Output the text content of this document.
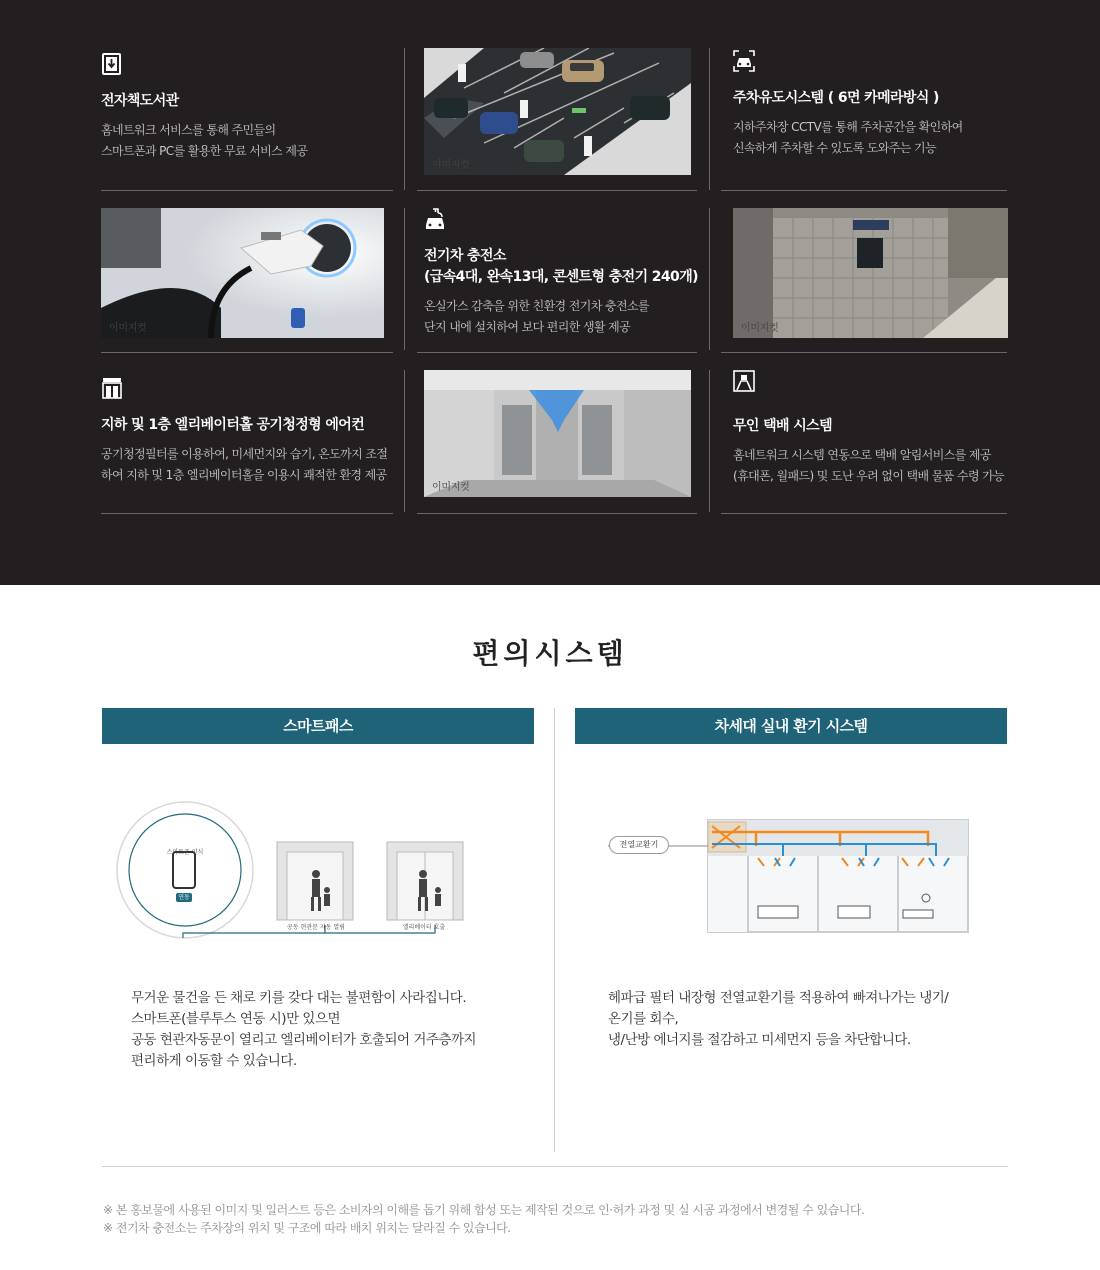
전자책도서관
홈네트워크 서비스를 통해 주민들의
스마트폰과 PC를 활용한 무료 서비스 제공
이미지컷
주차유도시스템 ( 6면 카메라방식 )
지하주차장 CCTV를 통해 주차공간을 확인하여
신속하게 주차할 수 있도록 도와주는 기능
이미지컷
전기차 충전소
(급속4대, 완속13대, 콘센트형 충전기 240개)
온실가스 감축을 위한 친환경 전기차 충전소를
단지 내에 설치하여 보다 편리한 생활 제공	이미지컷
지하 및 1층 엘리베이터홀 공기청정형 에어컨
공기청정필터를 이용하여, 미세먼지와 습기, 온도까지 조절
하여 지하 및 1층 엘리베이터홀을 이용시 쾌적한 환경 제공
이미지컷
무인 택배 시스템
홈네트워크 시스템 연동으로 택배 알림서비스를 제공
(휴대폰, 월패드) 및 도난 우려 없이 택배 물품 수령 가능
편의시스템
스마트패스	차세대 실내 환기 시스템
스마트폰 인식
연동
공동 현관문 자동 열림	엘리베이터 호출
전열교환기
무거운 물건을 든 채로 키를 갖다 대는 불편함이 사라집니다.
스마트폰(블루투스 연동 시)만 있으면
공동 현관자동문이 열리고 엘리베이터가 호출되어 거주층까지
편리하게 이동할 수 있습니다.
헤파급 필터 내장형 전열교환기를 적용하여 빠져나가는 냉기/
온기를 회수,
냉/난방 에너지를 절감하고 미세먼지 등을 차단합니다.
※ 본 홍보물에 사용된 이미지 및 일러스트 등은 소비자의 이해를 돕기 위해 합성 또는 제작된 것으로 인·허가 과정 및 실 시공 과정에서 변경될 수 있습니다.
※ 전기차 충전소는 주차장의 위치 및 구조에 따라 배치 위치는 달라질 수 있습니다.
